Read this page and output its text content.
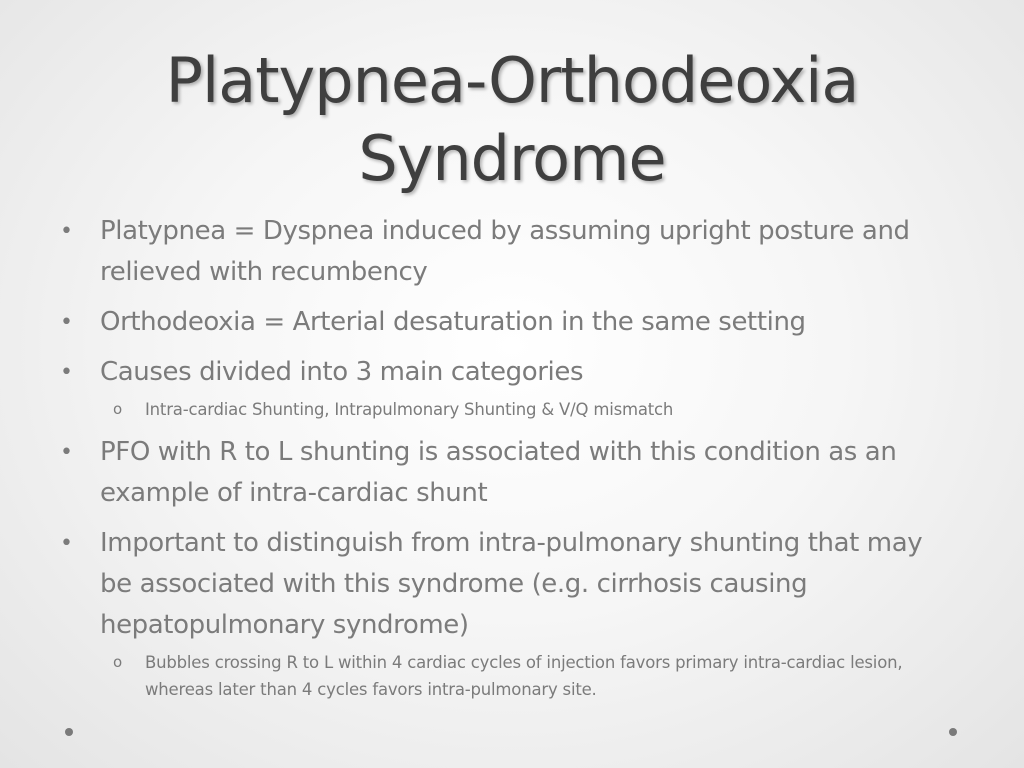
Platypnea-Orthodeoxia
Syndrome
• Platypnea = Dyspnea induced by assuming upright posture and relieved with recumbency
• Orthodeoxia = Arterial desaturation in the same setting
• Causes divided into 3 main categories
o Intra-cardiac Shunting, Intrapulmonary Shunting & V/Q mismatch
• PFO with R to L shunting is associated with this condition as an example of intra-cardiac shunt
• Important to distinguish from intra-pulmonary shunting that may be associated with this syndrome (e.g. cirrhosis causing hepatopulmonary syndrome)
o Bubbles crossing R to L within 4 cardiac cycles of injection favors primary intra-cardiac lesion, whereas later than 4 cycles favors intra-pulmonary site.
